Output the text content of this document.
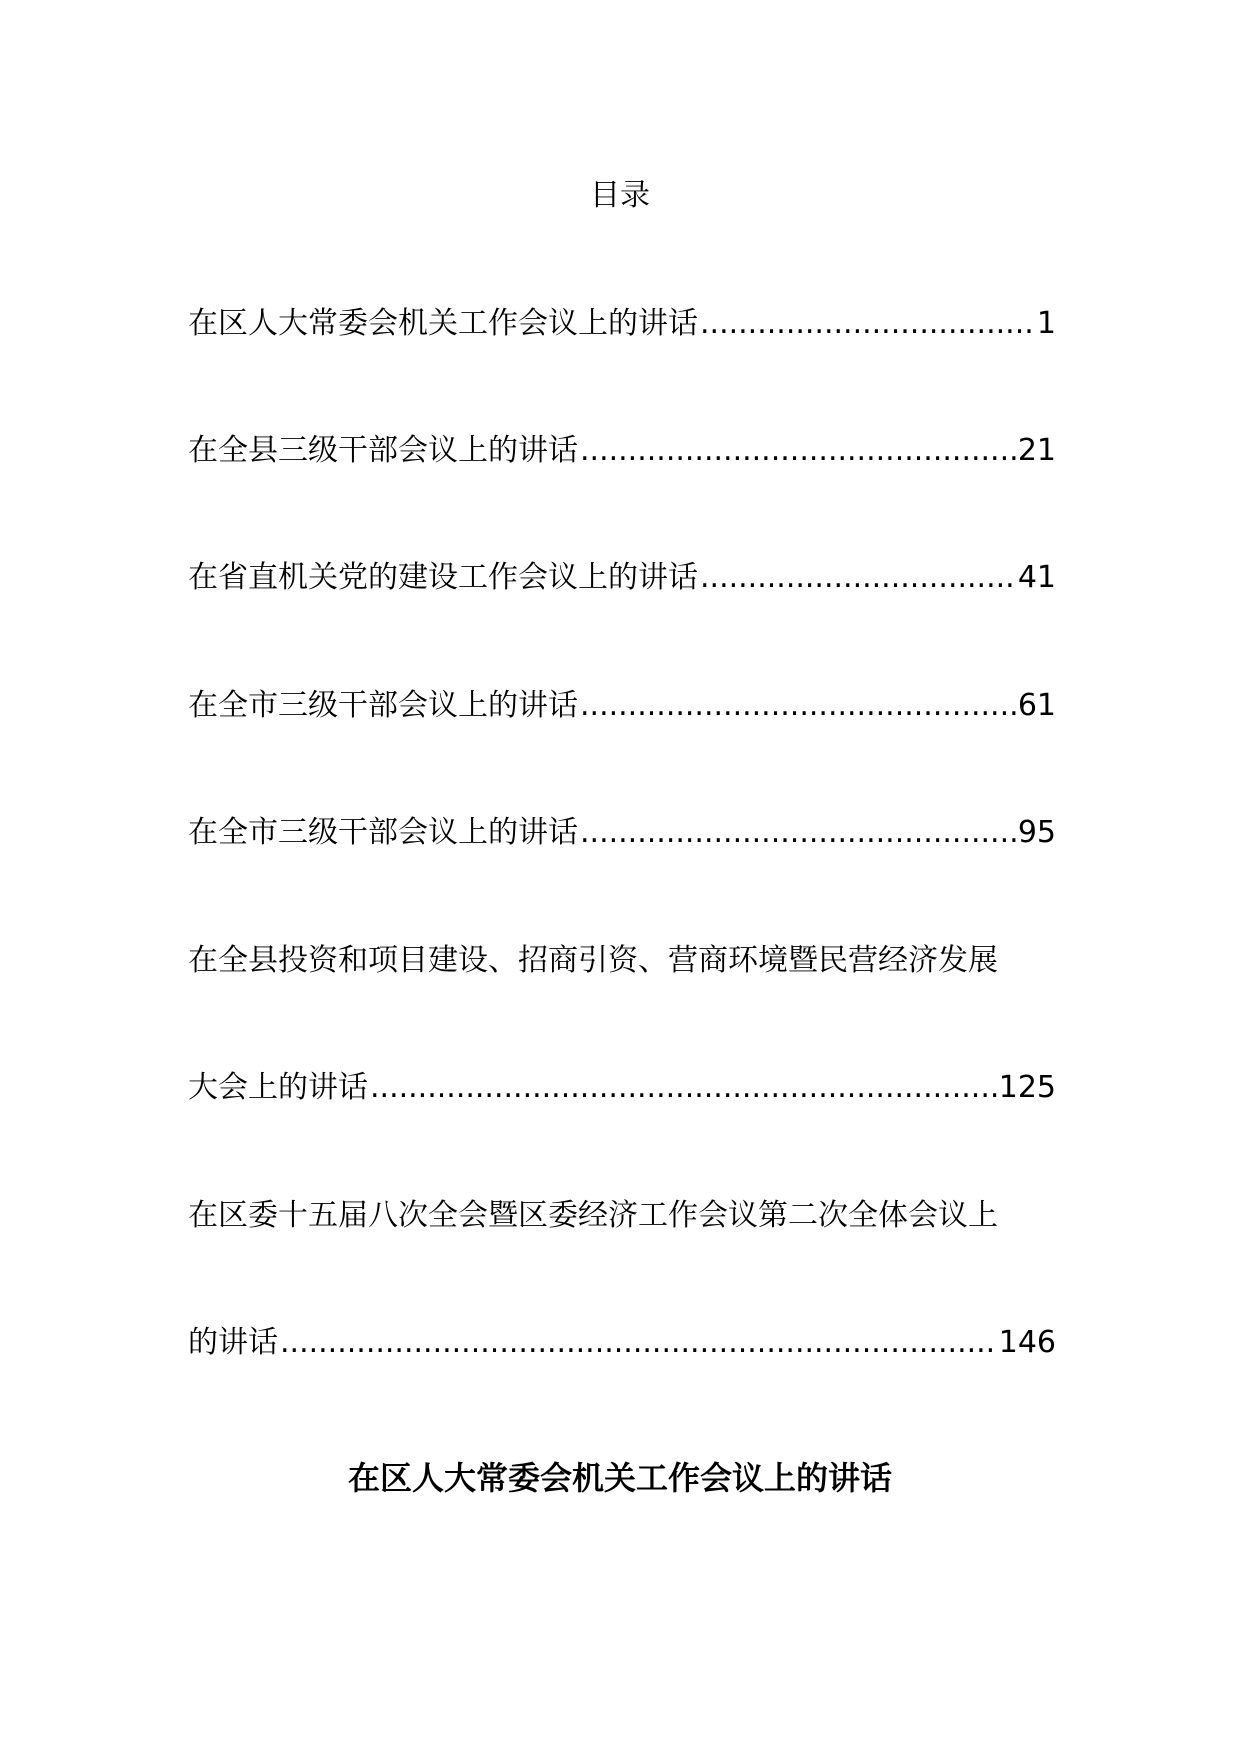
目录
在区人大常委会机关工作会议上的讲话 .....	1
在全县三级干部会议上的讲话 .....	21
在省直机关党的建设工作会议上的讲话 .....	41
在全市三级干部会议上的讲话 .....	61
在全市三级干部会议上的讲话 .....	95
在全县投资和项目建设、招商引资、营商环境暨民营经济发展
大会上的讲话 .....	125
在区委十五届八次全会暨区委经济工作会议第二次全体会议上
的讲话 .....	146
在区人大常委会机关工作会议上的讲话
